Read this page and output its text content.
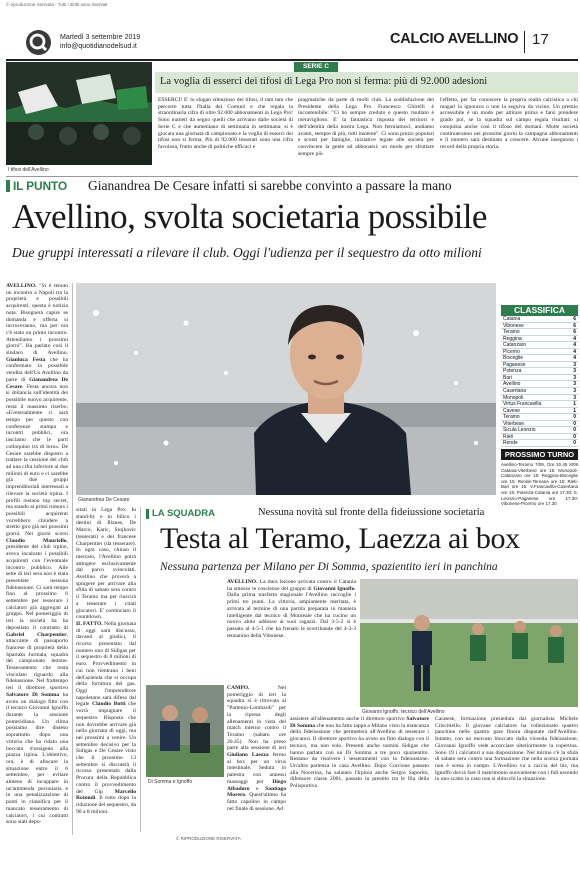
© riproduzione riservata - Tutti i diritti sono riservati
Martedì 3 settembre 2019
info@quotidianodelsud.it	CALCIO AVELLINO 17
I tifosi dell'Avellino
SERIE C
La voglia di esserci dei tifosi di Lega Pro non si ferma: più di 92.000 adesioni
ESSERCI! E' lo slogan silenzioso dei tifosi, il tam tam che percorre tutta l'Italia dei Comuni e che regala la straordinaria cifra di oltre 92.000 abbonamenti in Lega Pro! Sono numeri da segno quelli che arrivano dalle società di Serie C e che aumentano di settimana in settimana: si è giocata una giornata di campionato e la voglia di esserci dei tifosi non si ferma. Più di 92.000 tesserati sono una cifra favolosa, frutto anche di politiche efficaci e
pragmatiche da parte di molti club. La soddisfazione del Presidente della Lega Pro Francesco Ghirelli è incontenibile: "Ci ho sempre creduto e questo risultato è meraviglioso. E' la fantastica risposta dei territori e dell'identità della nostra Lega. Non fermiamoci, andiamo avanti, sempre di più, tutti insieme". Ci sono prezzi popolari e sconti per famiglie, iniziative legate alle società per convincere la gente ad abbonarsi; un modo per sfruttare sempre più
l'effetto, per far conoscere la propria realtà calcistica a chi magari la ignorava o non la seguiva da vicino. Un premio accessibile è un modo per attirare prima e farsi prendere grado poi, se la squadra sul campo regala risultati; si conquista anche così il tifoso del domani. Molte società continueranno nei prossimi giorni la campagna abbonamenti e il numero sarà destinato a crescere. Alcune inseguono i record della propria storia.
IL PUNTO Gianandrea De Cesare infatti si sarebbe convinto a passare la mano
Avellino, svolta societaria possibile
Due gruppi interessati a rilevare il club. Oggi l'udienza per il sequestro da otto milioni
AVELLINO. "Si è tenuto un incontro a Napoli tra la proprietà e possibili acquirenti, questa è notizia nota. Bisognerà capire se domanda e offerta si incroceranno, ma per ora c'è stato un primo incontro. Attendiamo i prossimi giorni". Ha parlato così il sindaco di Avellino, Gianluca Festa che ha confermato la possibile vendita dell'Us Avellino da parte di Gianandrea De Cesare. Festa ancora non si sbilancia sull'identità dei possibile nuovo acquirente, resta il massimo riserbo: «Eventualmente ci sarà tempo per questo con conferenze stampa e incontri pubblici, ora lasciamo che le parti colloquino tra di loro». De Cesare sarebbe disposto a trattare la cessione del club ad una cifra inferiore ai due milioni di euro e ci sarebbe già due gruppi imprenditoriali interessati a rilevare la società irpina. I profili restano top secret, ma stando ai primi rumors i possibili acquirenti vorrebbero chiudere a stretto giro già nei prossimi giorni. Nei giorni scorsi Claudio Mauriello, presidente del club irpino, aveva incalzato i possibili acquirenti con l'eventuale incontro pubblico. Alle sette di ieri sera non è stata presentate nessuna fideiussione. Ci sarà tempo fino al prossimo 6 settembre per tesserare i calciatori già aggregati al gruppo. Nel pomeriggio di ieri la società ha ha depositato il contratto di Gabriel Charpentier, attaccante di passaporto francese di proprietà dello Spartaks Jurmala, squadra del campionato lettone. Tesseramento che resta vincolato riguardo alla fideiussione. Nel frattempo ieri il direttore sportivo Salvatore Di Somma ha avuto un dialogo fitto con il tecnico Giovanni Ignoffo durante la sessione pomeridiana. Un clima possiamo dire disteso soprattutto dopo una vittoria che ha ridato una boccata d'ossigeno alla piazza irpina. L'obiettivo, ora, è di allocare la situazione entro il 6 settembre, per evitare almeno di incappare in un'ammenda pecuniaria e in una penalizzazione di punti in classifica per il mancato tesseramento di calciatori, i cui contratti sono stati depo-
Gianandrea De Cesare
sitati in Lega Pro. In stand-by e in bilico i destini di Illanes, De Marco, Karic, Stojkovic (tesserati) e del francese Charpentier (da tesserare). In ogni caso, chiuso il mercato, l'Avellino potrà attingere esclusivamente dal parco svincolati. Avellino che proverà a spingere per arrivare alla sfida di sabato sera contro il Teramo ma per riuscirà a tesserare i citati giocatori. E' cominciato il countdown.
IL FATTO. Nella giornata di oggi sarà discusso, davanti ai giudici, il ricorso presentato dal numero uno di Sidigas per il sequestro di 8 milioni di euro. Provvedimento in cui non rientrano i beni dell'azienda che si occupa della fornitura del gas. Oggi l'imprenditore napoletano sarà difeso dal legale Claudio Botti che vorrà impugnare il sequestro. Risposta che non dovrebbe arrivare già nella giornata di oggi, ma nei prossimi a venire. Un settembre decisivo per la Sidigas e De Cesare visto che il prossimo 13 settembre si discuterà il ricorso presentato dalla Procura della Repubblica contro il provvedimento del Gip Marcello Rotondi. Il tutto dopo la riduzione del sequestro, da 90 a 8 milioni.
CLASSIFICA
Catania	6
Vibonese	6
Teramo	6
Reggina	4
Catanzaro	4
Picerno	4
Bisceglie	4
Paganese	3
Potenza	3
Bari	3
Avellino	3
Casertana	3
Monopoli	3
Virtus Francavilla	1
Cavese	1
Teramo	0
Viterbese	0
Sicula Leonzio	0
Rieti	0
Rende	0
PROSSIMO TURNO
Avellino-Teramo 7/09, Ore 20.45 8/09 Catania-Viterbese ore 15: Monopoli-Catanzaro ore 15: Reggina-Bisceglie ore 15: Rende-Ternana ore 15: Rieti-Bari ore 15: V.Francavilla-Casertana ore 15: Potenza-Catania ore 17.30: S. Leonzio-Paganese ore 17.30: Vibonese-Picerno ore 17.30
LA SQUADRA	Nessuna novità sul fronte della fideiussione societaria
Testa al Teramo, Laezza ai box
Nessuna partenza per Milano per Di Somma, spazientito ieri in panchina
AVELLINO. La dura lezione arrivata contro il Catania ha smosso le coscienze del gruppo di Giovanni Ignoffo. Dalla prima trasferta stagionale l'Avellino raccoglie i primi tre punti. La vittoria, ampiamente meritata, è arrivata al termine di una partita preparata in maniera intelligente dal tecnico di Monreale che ha cucino un nuovo abito addosso ai suoi ragazzi. Dal 3-5-2 si è passato al 4-5-1 che ha frenato le scorribande del 4-3-3 tennanino della Vibonese.
Di Somma e Ignoffo
CAMPO. Nel pomeriggio di ieri la squadra si è ritrovata al "Partenio-Lombardi" per la ripresa degli allenamenti in vista del match interno contro il Teramo (sabato ore 20.45). Non ha preso parte alla sessione di ieri Giuliano Laezza fermo ai box per un virus intestinale. Seduta in palestra con annessi massaggi per Diego Albadoro e Santiago Morero. Quest'ultimo ha fatto capolino in campo nel finale di sessione. Ad
Giovanni Ignoffo, tecnico dell'Avellino
assistere all'allenamento anche il direttore sportivo Salvatore Di Somma che non ha fatto tappa a Milano visto la mancanza della fideiussione che permetterà all'Avellino di tesserare i giocatori. Il direttore sportivo ha avuto un fitto dialogo con il tecnico, ma non solo. Presenti anche uomini Sidigas che hanno parlato con un Di Somma a tre poco spazientito. Restano da risolvere i tesseramenti con la fideiussione. Un'altra partenza in casa Avellino. Dopo Corcione passato alla Nocerina, ha salutato l'Irpinia anche Sergio Saporito, difensore classe 2001, passato in prestito tra le fila della Polisportiva
Caratese, formazione presieduta dal giornalista Michele Criscitiello. Il giovane calciatore ha collezionato quattro panchine nelle quattro gare finora disputate dall'Avellino. Intanto, con un mercato bloccato dalla vicenda fideiussione, Giovanni Ignoffo vede accorciare ulteriormente la copertina. Sono 19 i calciatori a sua disposizione. Nel mirino c'è la sfida di sabato sera contro una formazione che nella scorsa giornata non è scesa in campo. L'Avellino va a caccia del bis, ma Ignoffo dovrà fare il matrimonio nuovamente con i fidi uscendo in uno scatto in caso non si sblocchi la situazione.
© RIPRODUZIONE RISERVATA
